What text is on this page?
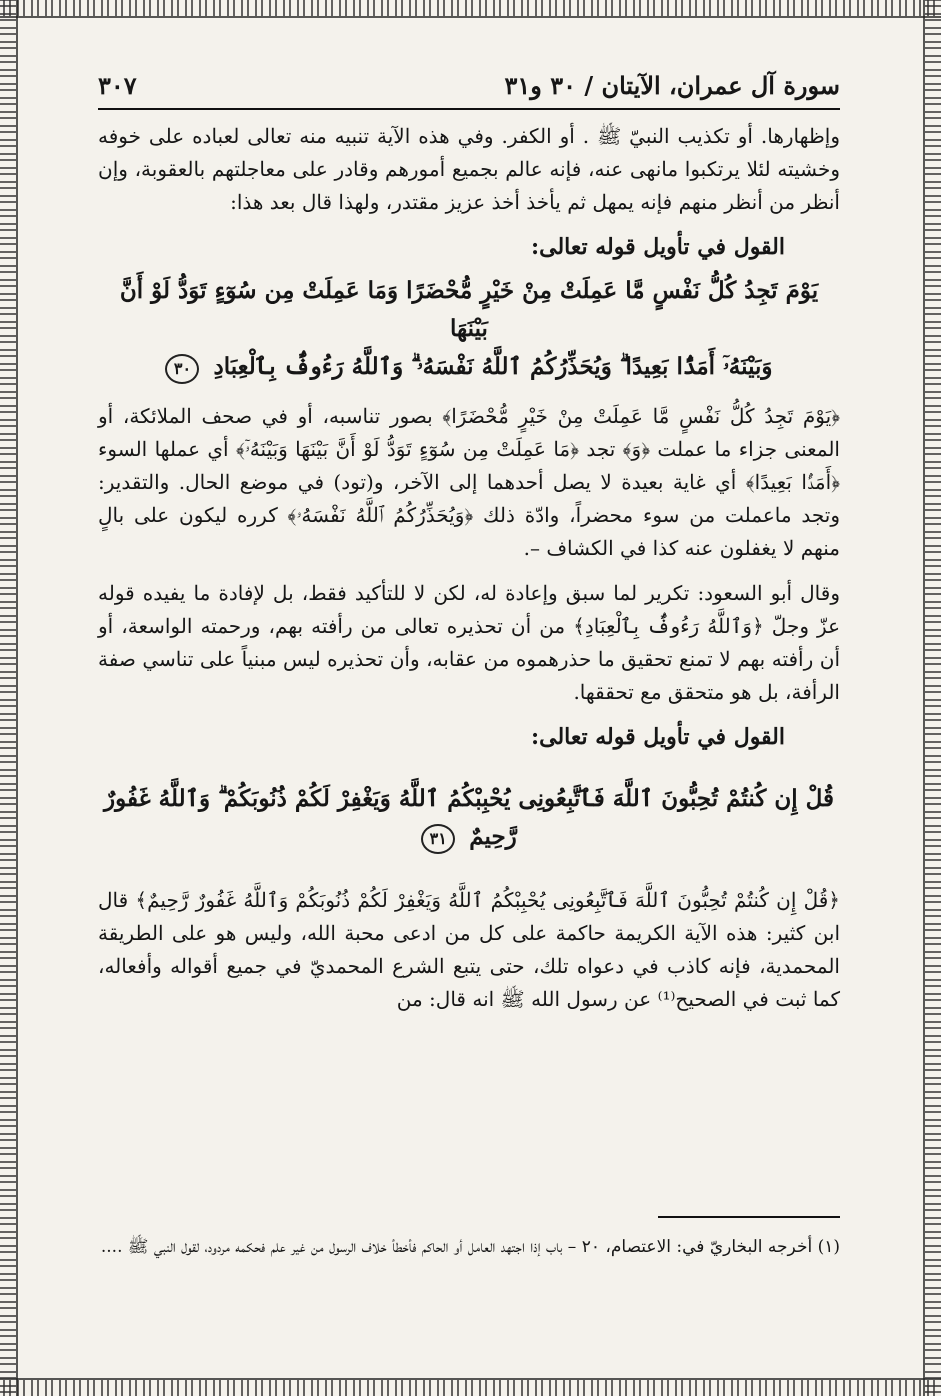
سورة آل عمران، الآيتان / ٣٠ و٣١
٣٠٧

وإظهارها. أو تكذيب النبيّ ﷺ . أو الكفر. وفي هذه الآية تنبيه منه تعالى لعباده على خوفه وخشيته لئلا يرتكبوا مانهى عنه، فإنه عالم بجميع أمورهم وقادر على معاجلتهم بالعقوبة، وإن أنظر من أنظر منهم فإنه يمهل ثم يأخذ أخذ عزيز مقتدر، ولهذا قال بعد هذا:

القول في تأويل قوله تعالى:
يَوْمَ تَجِدُ كُلُّ نَفْسٍ مَّا عَمِلَتْ مِنْ خَيْرٍ مُّحْضَرًا وَمَا عَمِلَتْ مِن سُوٓءٍ تَوَدُّ لَوْ أَنَّ بَيْنَهَا
وَبَيْنَهُۥٓ أَمَدًۢا بَعِيدًا ۗ وَيُحَذِّرُكُمُ ٱللَّهُ نَفْسَهُۥ ۗ وَٱللَّهُ رَءُوفٌۢ بِٱلْعِبَادِ ٣٠

﴿يَوْمَ تَجِدُ كُلُّ نَفْسٍ مَّا عَمِلَتْ مِنْ خَيْرٍ مُّحْضَرًا﴾ بصور تناسبه، أو في صحف الملائكة، أو المعنى جزاء ما عملت ﴿وَ﴾ تجد ﴿مَا عَمِلَتْ مِن سُوٓءٍ تَوَدُّ لَوْ أَنَّ بَيْنَهَا وَبَيْنَهُۥٓ﴾ أي عملها السوء ﴿أَمَدًۢا بَعِيدًا﴾ أي غاية بعيدة لا يصل أحدهما إلى الآخر، و(تود) في موضع الحال. والتقدير: وتجد ماعملت من سوء محضراً، وادّة ذلك ﴿وَيُحَذِّرُكُمُ ٱللَّهُ نَفْسَهُۥ﴾ كرره ليكون على بالٍ منهم لا يغفلون عنه كذا في الكشاف –.

وقال أبو السعود: تكرير لما سبق وإعادة له، لكن لا للتأكيد فقط، بل لإفادة ما يفيده قوله عزّ وجلّ ﴿وَٱللَّهُ رَءُوفٌۢ بِٱلْعِبَادِ﴾ من أن تحذيره تعالى من رأفته بهم، ورحمته الواسعة، أو أن رأفته بهم لا تمنع تحقيق ما حذرهموه من عقابه، وأن تحذيره ليس مبنياً على تناسي صفة الرأفة، بل هو متحقق مع تحققها.

القول في تأويل قوله تعالى:
قُلْ إِن كُنتُمْ تُحِبُّونَ ٱللَّهَ فَٱتَّبِعُونِى يُحْبِبْكُمُ ٱللَّهُ وَيَغْفِرْ لَكُمْ ذُنُوبَكُمْ ۗ وَٱللَّهُ غَفُورٌ رَّحِيمٌ ٣١

﴿قُلْ إِن كُنتُمْ تُحِبُّونَ ٱللَّهَ فَٱتَّبِعُونِى يُحْبِبْكُمُ ٱللَّهُ وَيَغْفِرْ لَكُمْ ذُنُوبَكُمْ وَٱللَّهُ غَفُورٌ رَّحِيمٌ﴾ قال ابن كثير: هذه الآية الكريمة حاكمة على كل من ادعى محبة الله، وليس هو على الطريقة المحمدية، فإنه كاذب في دعواه تلك، حتى يتبع الشرع المحمديّ في جميع أقواله وأفعاله، كما ثبت في الصحيح⁽¹⁾ عن رسول الله ﷺ انه قال: من

(١) أخرجه البخاريّ في: الاعتصام، ٢٠ – باب إذا اجتهد العامل أو الحاكم فأخطأ خلاف الرسول من غير علم فحكمه مردود، لقول النبي ﷺ ....
